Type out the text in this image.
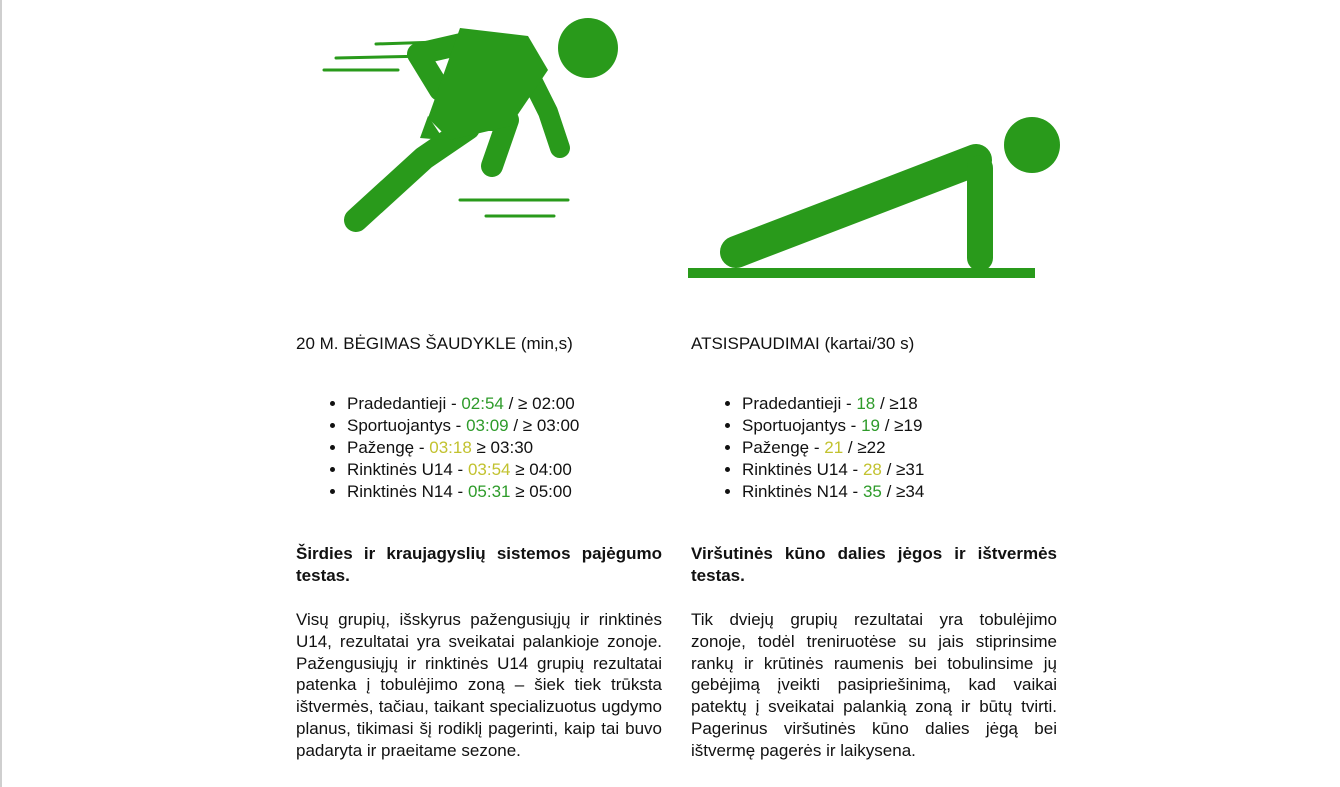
20 M. BĖGIMAS ŠAUDYKLE (min,s)
• Pradedantieji - 02:54 / ≥ 02:00
• Sportuojantys - 03:09 / ≥ 03:00
• Pažengę - 03:18 ≥ 03:30
• Rinktinės U14 - 03:54 ≥ 04:00
• Rinktinės N14 - 05:31 ≥ 05:00
Širdies ir kraujagyslių sistemos pajėgumo testas.
Visų grupių, išskyrus pažengusiųjų ir rinktinės U14, rezultatai yra sveikatai palankioje zonoje. Pažengusiųjų ir rinktinės U14 grupių rezultatai patenka į tobulėjimo zoną – šiek tiek trūksta ištvermės, tačiau, taikant specializuotus ugdymo planus, tikimasi šį rodiklį pagerinti, kaip tai buvo padaryta ir praeitame sezone.
ATSISPAUDIMAI (kartai/30 s)
• Pradedantieji - 18 / ≥18
• Sportuojantys - 19 / ≥19
• Pažengę - 21 / ≥22
• Rinktinės U14 - 28 / ≥31
• Rinktinės N14 - 35 / ≥34
Viršutinės kūno dalies jėgos ir ištvermės testas.
Tik dviejų grupių rezultatai yra tobulėjimo zonoje, todėl treniruotėse su jais stiprinsime rankų ir krūtinės raumenis bei tobulinsime jų gebėjimą įveikti pasipriešinimą, kad vaikai patektų į sveikatai palankią zoną ir būtų tvirti. Pagerinus viršutinės kūno dalies jėgą bei ištvermę pagerės ir laikysena.
